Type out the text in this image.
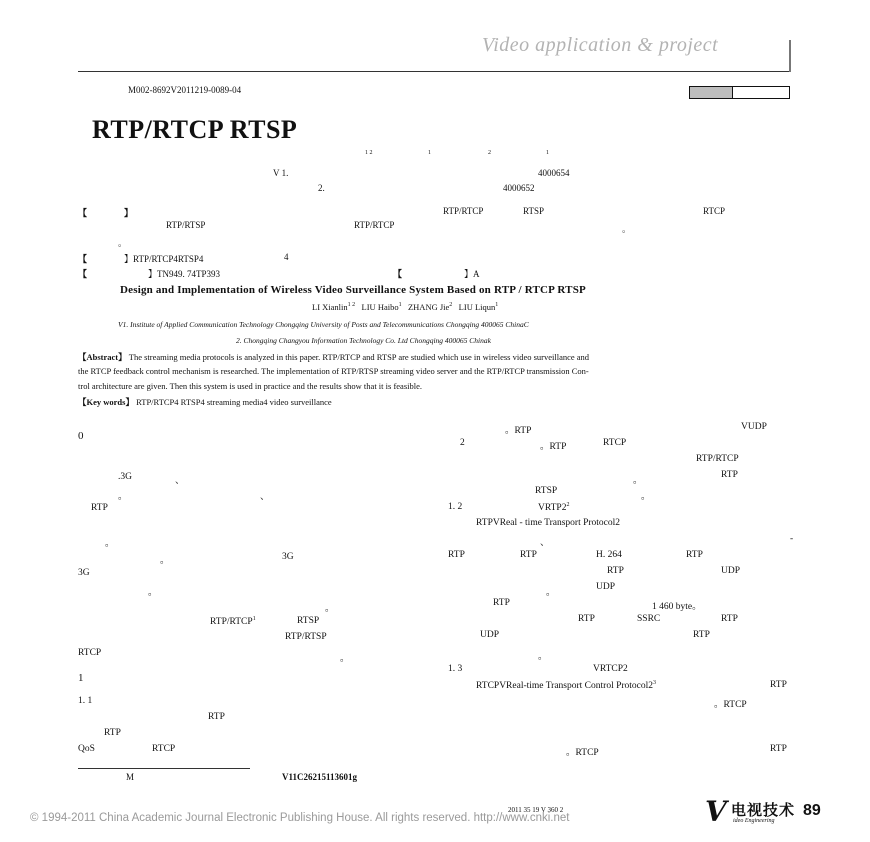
Video application & project
M002-8692V2011219-0089-04
RTP/RTCP RTSP
1 2	1	2	1
V 1.	4000654
2.	4000652
【	】	RTP/RTCP	RTSP	RTCP
RTP/RTSP	RTP/RTCP	。
。
【	】RTP/RTCP4RTSP4	4
【	】TN949. 74TP393	【	】A
Design and Implementation of Wireless Video Surveillance System Based on RTP / RTCP RTSP
LI Xianlin$^{1 2}$ LIU Haibo$^1$ ZHANG Jie$^2$ LIU Liqun$^1$
V1. Institute of Applied Communication Technology Chongqing University of Posts and Telecommunications Chongqing 400065 ChinaC
2. Chongqing Changyou Information Technology Co. Ltd Chongqing 400065 Chinak
【Abstract】 The streaming media protocols is analyzed in this paper. RTP/RTCP and RTSP are studied which use in wireless video surveillance and
the RTCP feedback control mechanism is researched. The implementation of RTP/RTSP streaming video server and the RTP/RTCP transmission Con-
trol architecture are given. Then this system is used in practice and the results show that it is feasible.
【Key words】 RTP/RTCP4 RTSP4 streaming media4 video surveillance
0
.3G	、
。	、
RTP
。
。	3G
3G
。
。
RTP/RTCP$^1$	RTSP
RTP/RTSP
RTCP
。
1
1. 1
RTP
RTP
QoS	RTCP
M	V11C26215113601g
。RTP	VUDP
2	。RTP	RTCP
RTP/RTCP
。
RTP
RTSP
。
1. 2	$VRTP2^2$
RTPVReal - time Transport Protocol2
、	-
RTP	RTP	H. 264	RTP
RTP	UDP
。
UDP
RTP	1 460 byte。
RTP	SSRC	RTP
UDP	RTP
。
1. 3	VRTCP2
RTCPVReal-time Transport Control $Protocol2^3$	RTP
。RTCP
。RTCP	RTP
2011 35 19 V 360 2	V 电视技术
ideo Engineering
89
© 1994-2011 China Academic Journal Electronic Publishing House. All rights reserved. http://www.cnki.net
